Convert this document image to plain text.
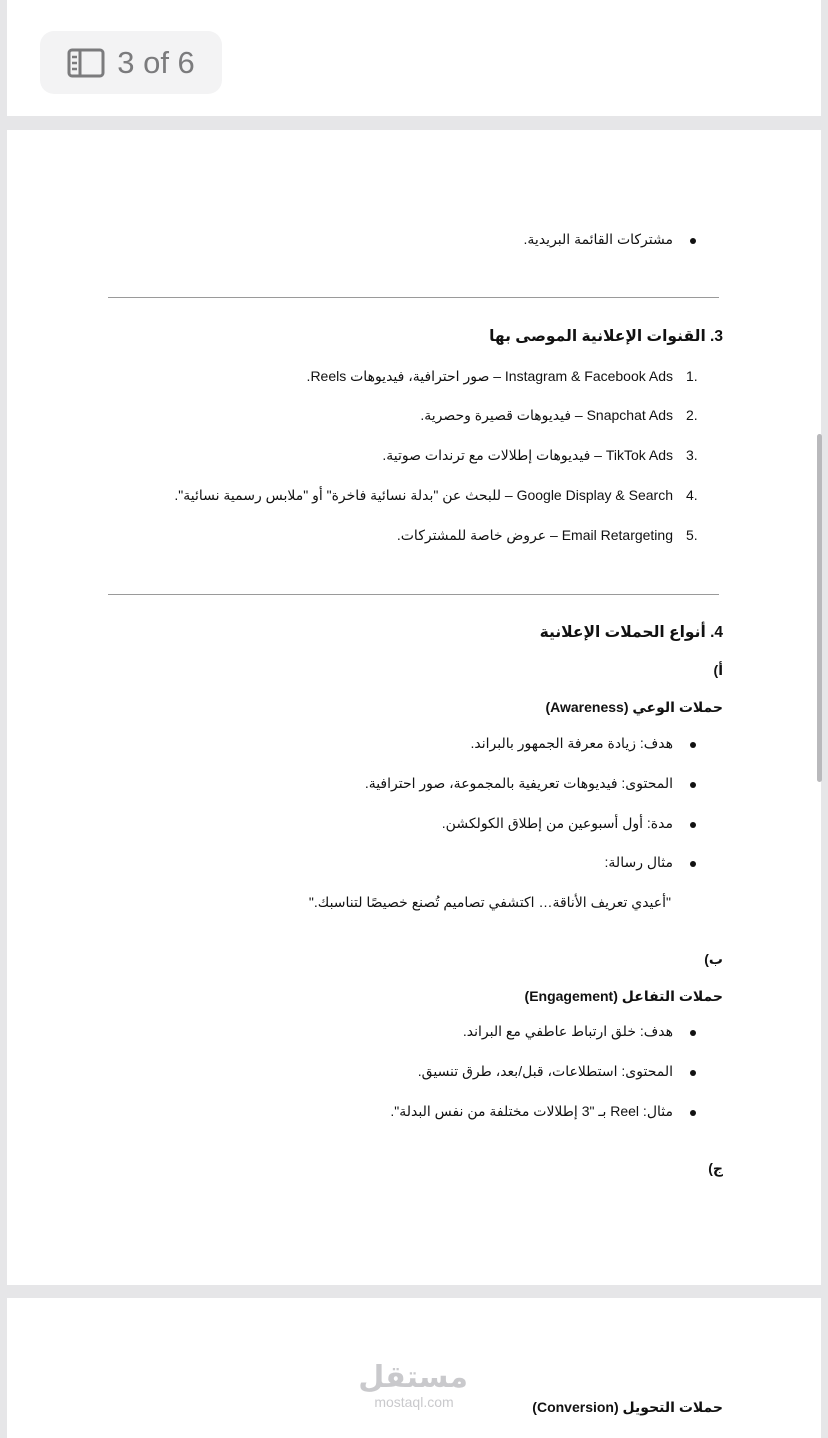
3 of 6
مشتركات القائمة البريدية.
3. القنوات الإعلانية الموصى بها
1.
Instagram & Facebook Ads – صور احترافية، فيديوهات Reels.
2.
Snapchat Ads – فيديوهات قصيرة وحصرية.
3.
TikTok Ads – فيديوهات إطلالات مع ترندات صوتية.
4.
Google Display & Search – للبحث عن "بدلة نسائية فاخرة" أو "ملابس رسمية نسائية".
5.
Email Retargeting – عروض خاصة للمشتركات.
4. أنواع الحملات الإعلانية
أ)
حملات الوعي (Awareness)
هدف: زيادة معرفة الجمهور بالبراند.
المحتوى: فيديوهات تعريفية بالمجموعة، صور احترافية.
مدة: أول أسبوعين من إطلاق الكولكشن.
مثال رسالة:
"أعيدي تعريف الأناقة… اكتشفي تصاميم تُصنع خصيصًا لتناسبك."
ب)
حملات التفاعل (Engagement)
هدف: خلق ارتباط عاطفي مع البراند.
المحتوى: استطلاعات، قبل/بعد، طرق تنسيق.
مثال: Reel بـ "3 إطلالات مختلفة من نفس البدلة".
ج)
حملات التحويل (Conversion)
مستقل
mostaql.com
